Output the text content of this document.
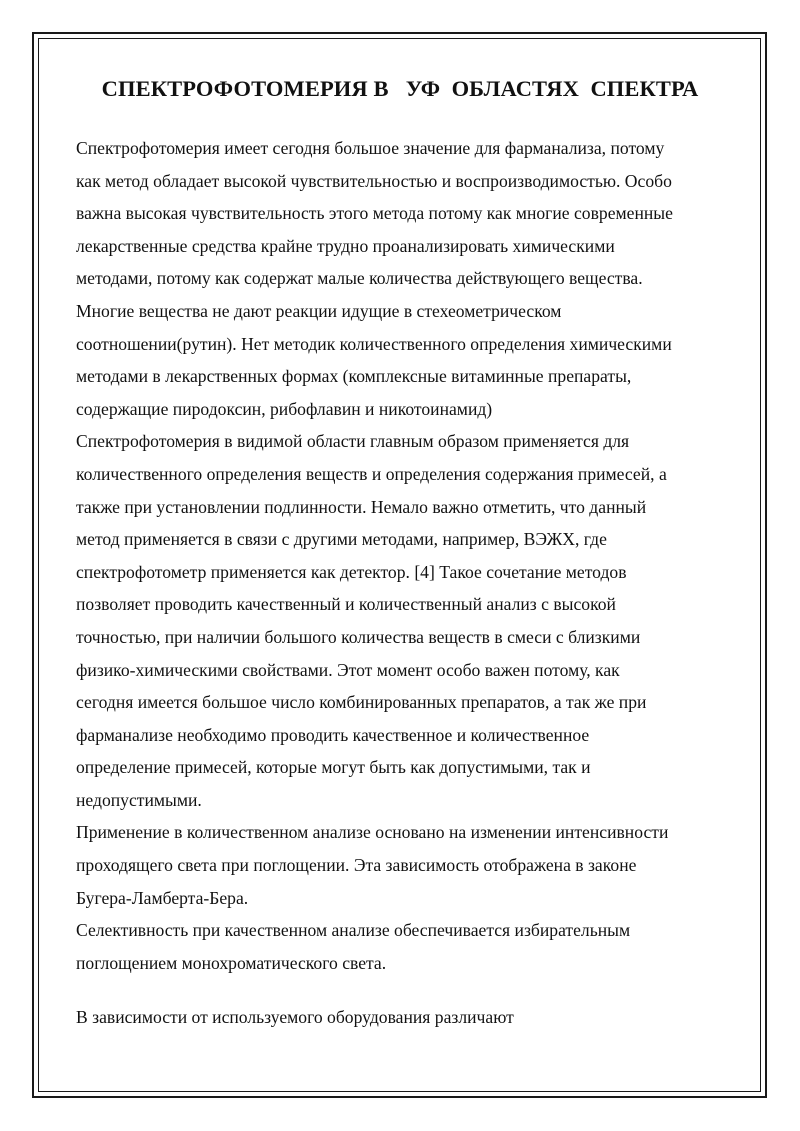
СПЕКТРОФОТОМЕРИЯ В   УФ  ОБЛАСТЯХ  СПЕКТРА
Спектрофотомерия имеет сегодня большое значение для фарманализа, потому
как метод обладает высокой чувствительностью и воспроизводимостью. Особо
важна высокая чувствительность этого метода потому как многие современные
лекарственные средства крайне трудно проанализировать химическими
методами, потому как содержат малые количества действующего вещества.
Многие вещества не дают реакции идущие в стехеометрическом
соотношении(рутин). Нет методик количественного определения химическими
методами в лекарственных формах (комплексные витаминные препараты,
содержащие пиродоксин, рибофлавин и никотоинамид)
Спектрофотомерия в видимой области главным образом применяется для
количественного определения веществ и определения содержания примесей, а
также при установлении подлинности. Немало важно отметить, что данный
метод применяется в связи с другими методами, например, ВЭЖХ, где
спектрофотометр применяется как детектор. [4] Такое сочетание методов
позволяет проводить качественный и количественный анализ с высокой
точностью, при наличии большого количества веществ в смеси с близкими
физико-химическими свойствами. Этот момент особо важен потому, как
сегодня имеется большое число комбинированных препаратов, а так же при
фарманализе необходимо проводить качественное и количественное
определение примесей, которые могут быть как допустимыми, так и
недопустимыми.
Применение в количественном анализе основано на изменении интенсивности
проходящего света при поглощении. Эта зависимость отображена в законе
Бугера-Ламберта-Бера.
Селективность при качественном анализе обеспечивается избирательным
поглощением монохроматического света.
В зависимости от используемого оборудования различают
